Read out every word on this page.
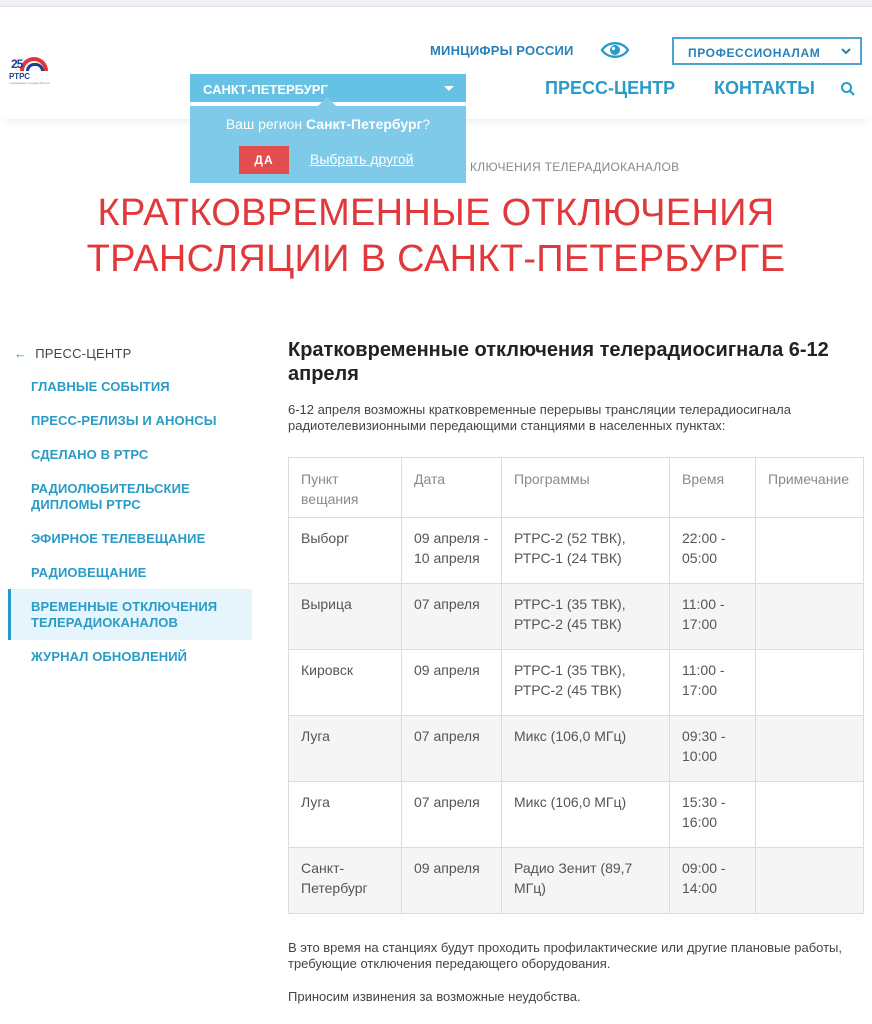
25
РТРС
телевидение и радио России
МИНЦИФРЫ РОССИИ	ПРОФЕССИОНАЛАМ
ПРЕСС-ЦЕНТР КОНТАКТЫ
САНКТ-ПЕТЕРБУРГ
Ваш регион Санкт-Петербург?
ДА	Выбрать другой	КЛЮЧЕНИЯ ТЕЛЕРАДИОКАНАЛОВ
КРАТКОВРЕМЕННЫЕ ОТКЛЮЧЕНИЯ
ТРАНСЛЯЦИИ В САНКТ-ПЕТЕРБУРГЕ
← ПРЕСС-ЦЕНТР
ГЛАВНЫЕ СОБЫТИЯ
ПРЕСС-РЕЛИЗЫ И АНОНСЫ
СДЕЛАНО В РТРС
РАДИОЛЮБИТЕЛЬСКИЕ ДИПЛОМЫ РТРС
ЭФИРНОЕ ТЕЛЕВЕЩАНИЕ
РАДИОВЕЩАНИЕ
ВРЕМЕННЫЕ ОТКЛЮЧЕНИЯ ТЕЛЕРАДИОКАНАЛОВ
ЖУРНАЛ ОБНОВЛЕНИЙ
Кратковременные отключения телерадиосигнала 6-12 апреля
6-12 апреля возможны кратковременные перерывы трансляции телерадиосигнала радиотелевизионными передающими станциями в населенных пунктах:
Пункт вещания	Дата	Программы	Время	Примечание
Выборг	09 апреля - 10 апреля	РТРС-2 (52 ТВК), РТРС-1 (24 ТВК)	22:00 - 05:00	
Вырица	07 апреля	РТРС-1 (35 ТВК), РТРС-2 (45 ТВК)	11:00 - 17:00	
Кировск	09 апреля	РТРС-1 (35 ТВК), РТРС-2 (45 ТВК)	11:00 - 17:00	
Луга	07 апреля	Микс (106,0 МГц)	09:30 - 10:00	
Луга	07 апреля	Микс (106,0 МГц)	15:30 - 16:00	
Санкт-Петербург	09 апреля	Радио Зенит (89,7 МГц)	09:00 - 14:00	
В это время на станциях будут проходить профилактические или другие плановые работы, требующие отключения передающего оборудования.
Приносим извинения за возможные неудобства.
